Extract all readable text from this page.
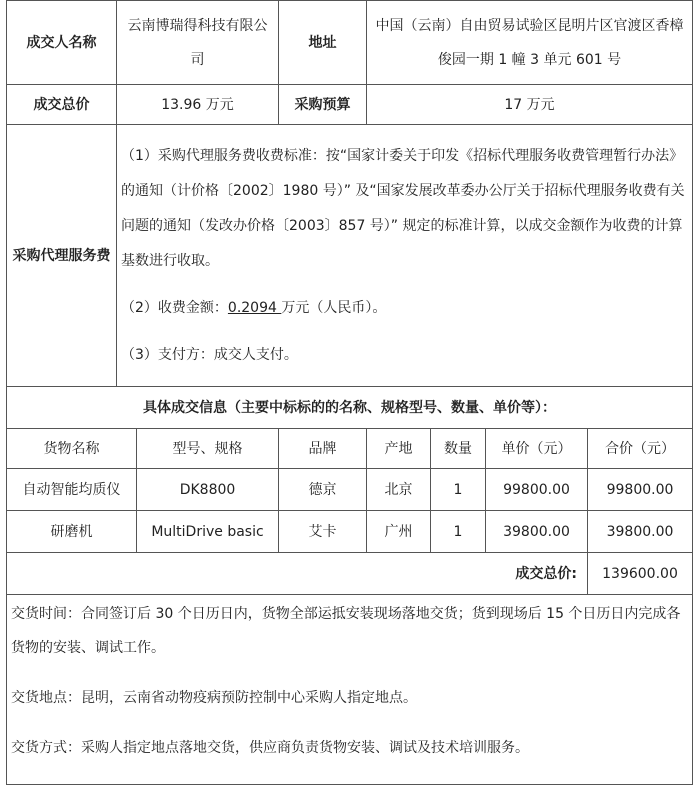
成交人名称	云南博瑞得科技有限公司		地址	中国（云南）自由贸易试验区昆明片区官渡区香樟俊园一期 1 幢 3 单元 601 号			
成交总价	13.96 万元		采购预算	17 万元			
采购代理服务费	（1）采购代理服务费收费标准：按“国家计委关于印发《招标代理服务收费管理暂行办法》的通知（计价格〔2002〕1980 号）” 及“国家发展改革委办公厅关于招标代理服务收费有关问题的通知（发改办价格〔2003〕857 号）” 规定的标准计算，以成交金额作为收费的计算基数进行收取。
（2）收费金额：0.2094 万元（人民币）。
（3）支付方：成交人支付。						

具体成交信息（主要中标标的的名称、规格型号、数量、单价等）：							
货物名称		型号、规格	品牌	产地	数量	单价（元）	合价（元）
自动智能均质仪		DK8800	德京	北京	1	99800.00	99800.00
研磨机		MultiDrive basic	艾卡	广州	1	39800.00	39800.00
成交总价:							139600.00

交货时间：合同签订后 30 个日历日内，货物全部运抵安装现场落地交货；货到现场后 15 个日历日内完成各货物的安装、调试工作。
交货地点：昆明，云南省动物疫病预防控制中心采购人指定地点。
交货方式：采购人指定地点落地交货，供应商负责货物安装、调试及技术培训服务。							
